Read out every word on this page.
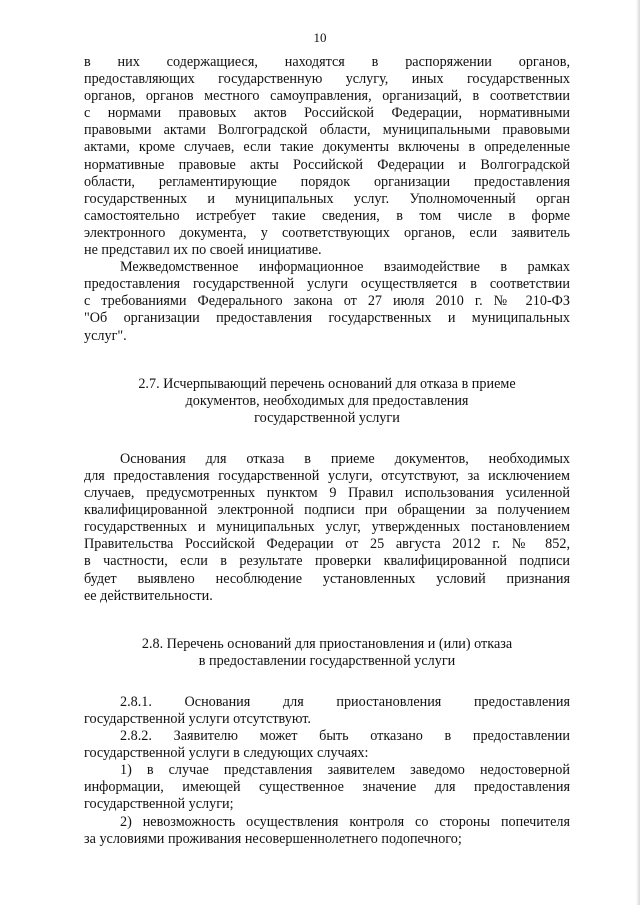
10

в них содержащиеся, находятся в распоряжении органов,
предоставляющих государственную услугу, иных государственных
органов, органов местного самоуправления, организаций, в соответствии
с нормами правовых актов Российской Федерации, нормативными
правовыми актами Волгоградской области, муниципальными правовыми
актами, кроме случаев, если такие документы включены в определенные
нормативные правовые акты Российской Федерации и Волгоградской
области, регламентирующие порядок организации предоставления
государственных и муниципальных услуг. Уполномоченный орган
самостоятельно истребует такие сведения, в том числе в форме
электронного документа, у соответствующих органов, если заявитель
не представил их по своей инициативе.

Межведомственное информационное взаимодействие в рамках
предоставления государственной услуги осуществляется в соответствии
с требованиями Федерального закона от 27 июля 2010 г. № 210-ФЗ
"Об организации предоставления государственных и муниципальных
услуг".

2.7. Исчерпывающий перечень оснований для отказа в приеме
документов, необходимых для предоставления
государственной услуги

Основания для отказа в приеме документов, необходимых
для предоставления государственной услуги, отсутствуют, за исключением
случаев, предусмотренных пунктом 9 Правил использования усиленной
квалифицированной электронной подписи при обращении за получением
государственных и муниципальных услуг, утвержденных постановлением
Правительства Российской Федерации от 25 августа 2012 г. № 852,
в частности, если в результате проверки квалифицированной подписи
будет выявлено несоблюдение установленных условий признания
ее действительности.

2.8. Перечень оснований для приостановления и (или) отказа
в предоставлении государственной услуги

2.8.1. Основания для приостановления предоставления
государственной услуги отсутствуют.

2.8.2. Заявителю может быть отказано в предоставлении
государственной услуги в следующих случаях:

1) в случае представления заявителем заведомо недостоверной
информации, имеющей существенное значение для предоставления
государственной услуги;

2) невозможность осуществления контроля со стороны попечителя
за условиями проживания несовершеннолетнего подопечного;
